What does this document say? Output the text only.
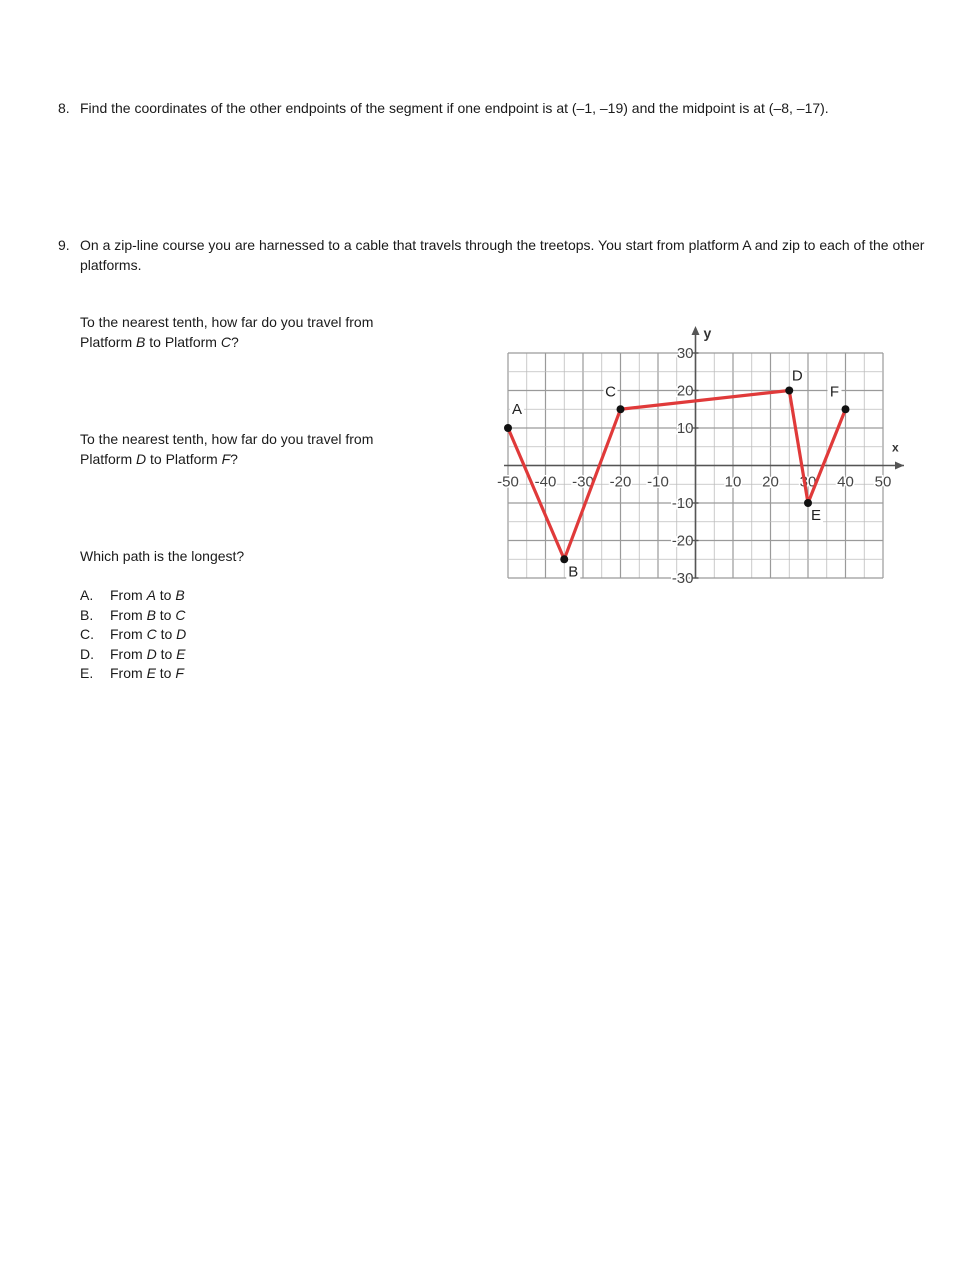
8. Find the coordinates of the other endpoints of the segment if one endpoint is at (–1, –19) and the midpoint is at (–8, –17).
9. On a zip-line course you are harnessed to a cable that travels through the treetops. You start from platform A and zip to each of the other platforms.
To the nearest tenth, how far do you travel from Platform B to Platform C?
To the nearest tenth, how far do you travel from Platform D to Platform F?
Which path is the longest?
A. From A to B
B. From B to C
C. From C to D
D. From D to E
E. From E to F
x
y
-50 -40 -30 -20 -10	10 20 30 40 50
30
20
10
-10
-20
-30
A
B
C
D
E
F
